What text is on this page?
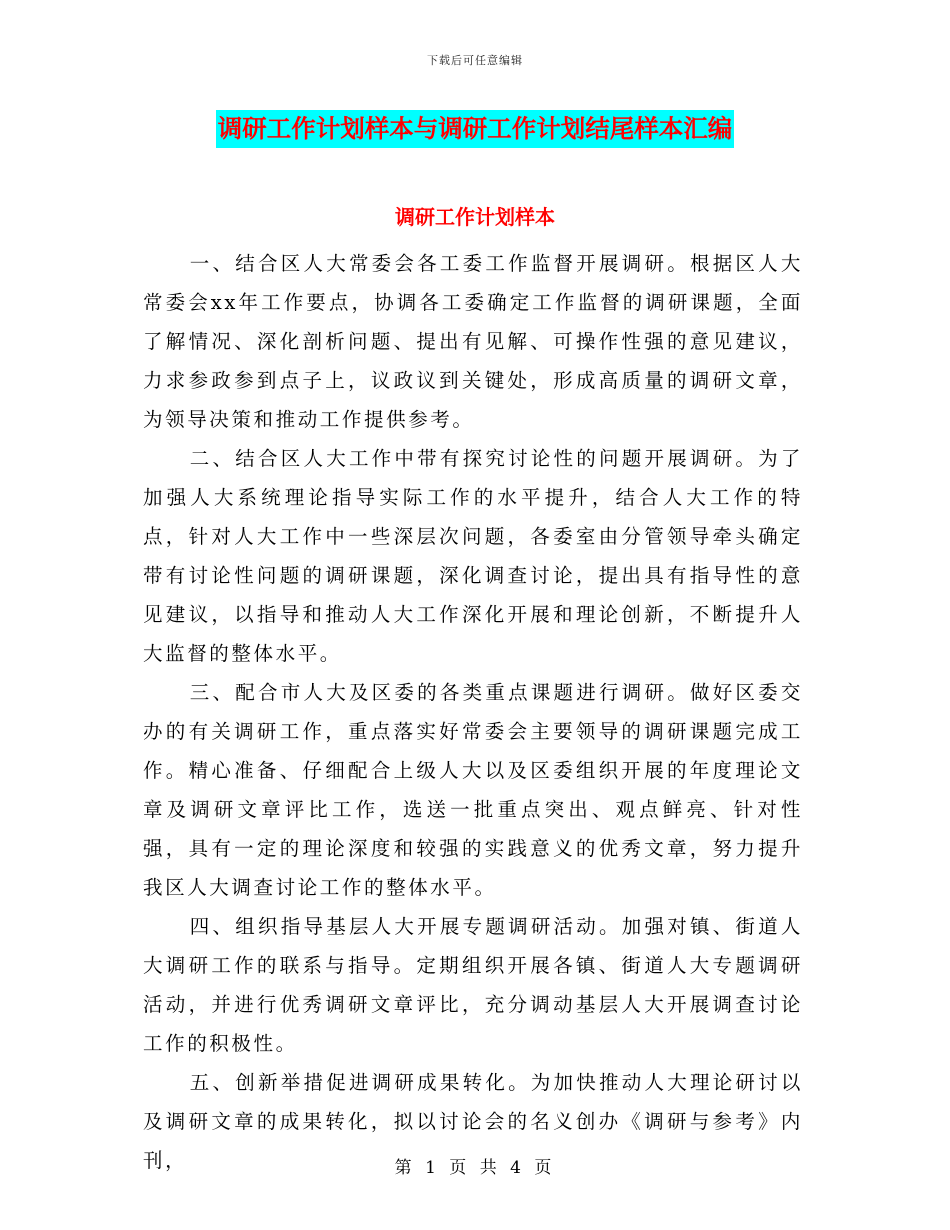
下载后可任意编辑
调研工作计划样本与调研工作计划结尾样本汇编
调研工作计划样本

一、结合区人大常委会各工委工作监督开展调研。根据区人大常委会xx年工作要点，协调各工委确定工作监督的调研课题，全面了解情况、深化剖析问题、提出有见解、可操作性强的意见建议，力求参政参到点子上，议政议到关键处，形成高质量的调研文章，为领导决策和推动工作提供参考。

二、结合区人大工作中带有探究讨论性的问题开展调研。为了加强人大系统理论指导实际工作的水平提升，结合人大工作的特点，针对人大工作中一些深层次问题，各委室由分管领导牵头确定带有讨论性问题的调研课题，深化调查讨论，提出具有指导性的意见建议，以指导和推动人大工作深化开展和理论创新，不断提升人大监督的整体水平。

三、配合市人大及区委的各类重点课题进行调研。做好区委交办的有关调研工作，重点落实好常委会主要领导的调研课题完成工作。精心准备、仔细配合上级人大以及区委组织开展的年度理论文章及调研文章评比工作，选送一批重点突出、观点鲜亮、针对性强，具有一定的理论深度和较强的实践意义的优秀文章，努力提升我区人大调查讨论工作的整体水平。

四、组织指导基层人大开展专题调研活动。加强对镇、街道人大调研工作的联系与指导。定期组织开展各镇、街道人大专题调研活动，并进行优秀调研文章评比，充分调动基层人大开展调查讨论工作的积极性。

五、创新举措促进调研成果转化。为加快推动人大理论研讨以及调研文章的成果转化，拟以讨论会的名义创办《调研与参考》内刊，	第 1 页 共 4 页
